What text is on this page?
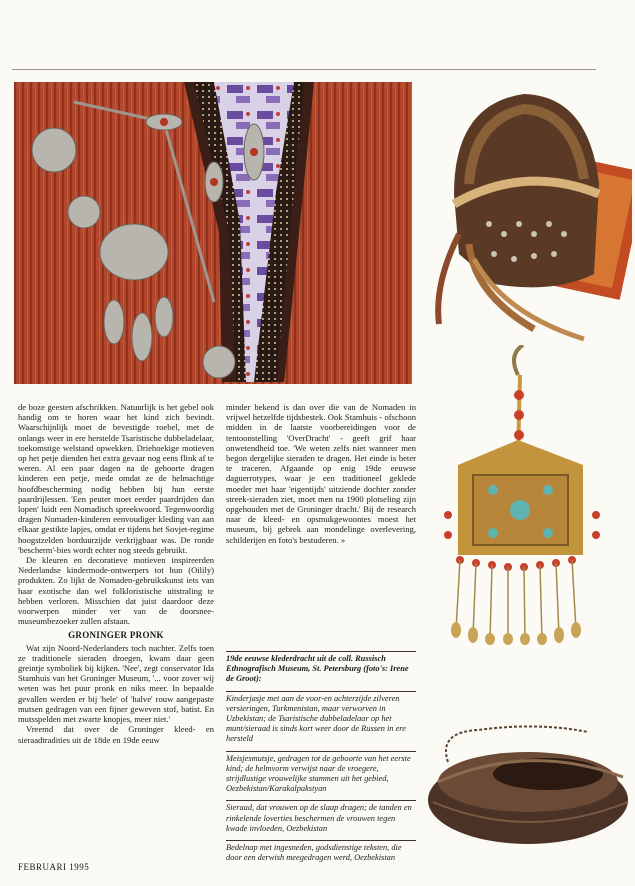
de boze geesten afschrikken. Natuurlijk is het gebel ook handig om te horen waar het kind zich bevindt. Waarschijnlijk moet de bevestigde roebel, met de onlangs weer in ere herstelde Tsaristische dubbeladelaar, toekomstige welstand opwekken. Driehoekige motieven op het petje dienden het extra gevaar nog eens flink af te weren. Al een paar dagen na de geboorte dragen kinderen een petje, mede omdat ze de helmachtige hoofdbescherming nodig hebben bij hun eerste paardrijlessen. 'Een peuter moet eerder paardrijden dan lopen' luidt een Nomadisch spreekwoord. Tegenwoordig dragen Nomaden-kinderen eenvoudiger kleding van aan elkaar gestikte lapjes, omdat er tijdens het Sovjet-regime hoogstzelden borduurzijde verkrijgbaar was. De ronde 'bescherm'-bies wordt echter nog steeds gebruikt.

De kleuren en decoratieve motieven inspireerden Nederlandse kindermode-ontwerpers tot hun (Oilily) produkten. Zo lijkt de Nomaden-gebruikskunst iets van haar exotische dan wel folkloristische uitstraling te hebben verloren. Misschien dat juist daardoor deze voorwerpen minder ver van de doorsnee-museumbezoeker zullen afstaan.

GRONINGER PRONK

Wat zijn Noord-Nederlanders toch nuchter. Zelfs toen ze traditionele sieraden droegen, kwam daar geen greintje symboliek bij kijken. 'Nee', zegt conservator Ida Stamhuis van het Groninger Museum, '... voor zover wij weten was het puur pronk en niks meer. In bepaalde gevallen werden er bij 'hele' of 'halve' rouw aangepaste mutsen gedragen van een fijner geweven stof, batist. En mutsspelden met zwarte knopjes, meer niet.'

Vreemd dat over de Groninger kleed- en sieraadtradities uit de 18de en 19de eeuw

minder bekend is dan over die van de Nomaden in vrijwel hetzelfde tijdsbestek. Ook Stamhuis - ofschoon midden in de laatste voorbereidingen voor de tentoonstelling 'OverDracht' - geeft grif haar onwetendheid toe. 'We weten zelfs niet wanneer men begon dergelijke sieraden te dragen. Het einde is beter te traceren. Afgaande op enig 19de eeuwse daguerrotypes, waar je een traditioneel geklede moeder met haar 'eigentijds' uitziende dochter zonder streek-sieraden ziet, moet men na 1900 plotseling zijn opgehouden met de Groninger dracht.' Bij de research naar de kleed- en opsmukgewoontes moest het museum, bij gebrek aan mondelinge overlevering, schilderijen en foto's bestuderen. »

19de eeuwse klederdracht uit de coll. Russisch Ethnografisch Museum, St. Petersburg (foto's: Irene de Groot):
Kinderjasje met aan de voor-en achterzijde zilveren versieringen, Turkmenistan, maar verworven in Uzbekistan; de Tsaristische dubbeladelaar op het munt/sieraad is sinds kort weer door de Russen in ere hersteld
Meisjesmutsje, gedragen tot de geboorte van het eerste kind; de helmvorm verwijst naar de vroegere, strijdlustige vrouwelijke stammen uit het gebied, Oezbekistan/Karakalpakstyan
Sieraad, dat vrouwen op de slaap dragen; de tanden en rinkelende loverties beschermen de vrouwen tegen kwade invloeden, Oezbekistan
Bedelnap met ingesneden, godsdienstige teksten, die door een derwish meegedragen werd, Oezbekistan
FEBRUARI 1995
